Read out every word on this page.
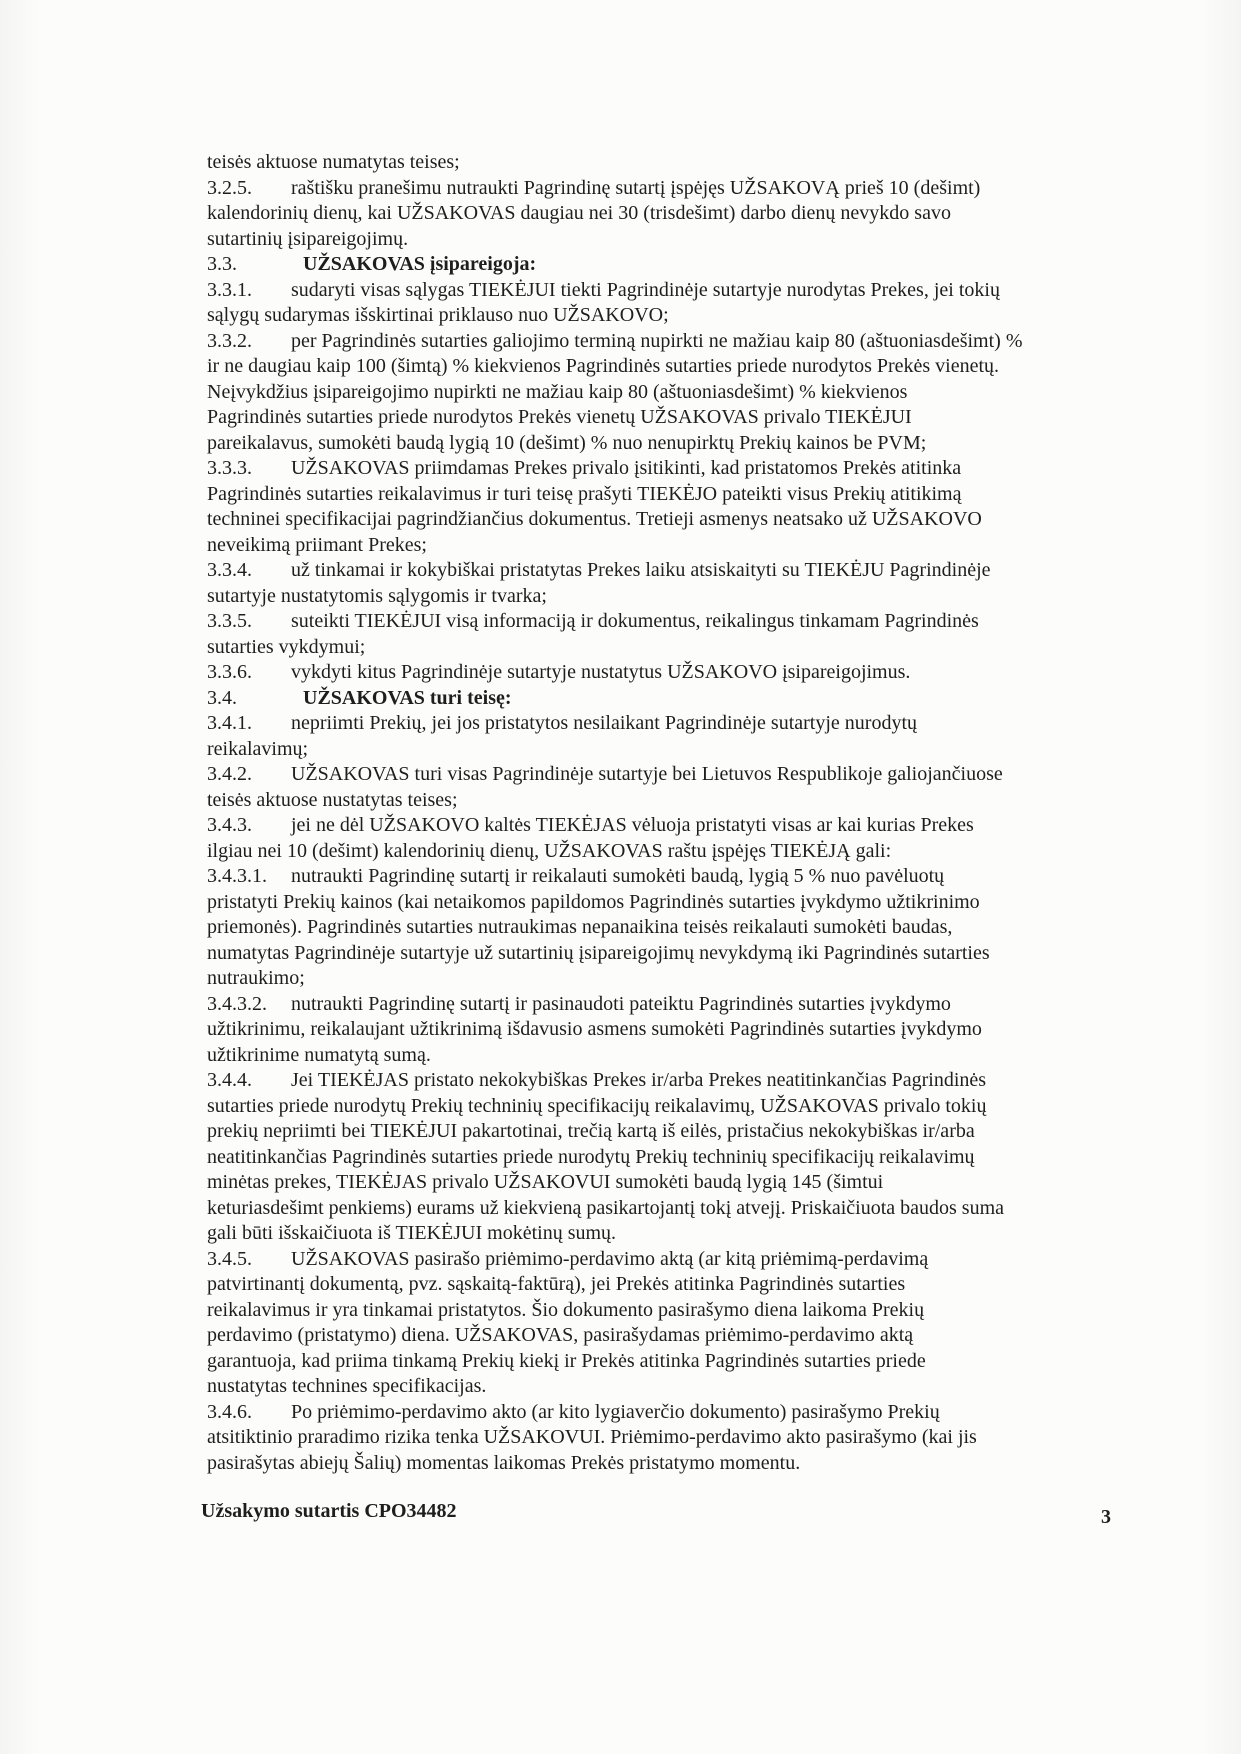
teisės aktuose numatytas teises;
3.2.5. raštišku pranešimu nutraukti Pagrindinę sutartį įspėjęs UŽSAKOVĄ prieš 10 (dešimt)
kalendorinių dienų, kai UŽSAKOVAS daugiau nei 30 (trisdešimt) darbo dienų nevykdo savo
sutartinių įsipareigojimų.
3.3.	UŽSAKOVAS įsipareigoja:
3.3.1. sudaryti visas sąlygas TIEKĖJUI tiekti Pagrindinėje sutartyje nurodytas Prekes, jei tokių
sąlygų sudarymas išskirtinai priklauso nuo UŽSAKOVO;
3.3.2. per Pagrindinės sutarties galiojimo terminą nupirkti ne mažiau kaip 80 (aštuoniasdešimt) %
ir ne daugiau kaip 100 (šimtą) % kiekvienos Pagrindinės sutarties priede nurodytos Prekės vienetų.
Neįvykdžius įsipareigojimo nupirkti ne mažiau kaip 80 (aštuoniasdešimt) % kiekvienos
Pagrindinės sutarties priede nurodytos Prekės vienetų UŽSAKOVAS privalo TIEKĖJUI
pareikalavus, sumokėti baudą lygią 10 (dešimt) % nuo nenupirktų Prekių kainos be PVM;
3.3.3. UŽSAKOVAS priimdamas Prekes privalo įsitikinti, kad pristatomos Prekės atitinka
Pagrindinės sutarties reikalavimus ir turi teisę prašyti TIEKĖJO pateikti visus Prekių atitikimą
techninei specifikacijai pagrindžiančius dokumentus. Tretieji asmenys neatsako už UŽSAKOVO
neveikimą priimant Prekes;
3.3.4. už tinkamai ir kokybiškai pristatytas Prekes laiku atsiskaityti su TIEKĖJU Pagrindinėje
sutartyje nustatytomis sąlygomis ir tvarka;
3.3.5. suteikti TIEKĖJUI visą informaciją ir dokumentus, reikalingus tinkamam Pagrindinės
sutarties vykdymui;
3.3.6. vykdyti kitus Pagrindinėje sutartyje nustatytus UŽSAKOVO įsipareigojimus.
3.4.	UŽSAKOVAS turi teisę:
3.4.1. nepriimti Prekių, jei jos pristatytos nesilaikant Pagrindinėje sutartyje nurodytų
reikalavimų;
3.4.2. UŽSAKOVAS turi visas Pagrindinėje sutartyje bei Lietuvos Respublikoje galiojančiuose
teisės aktuose nustatytas teises;
3.4.3. jei ne dėl UŽSAKOVO kaltės TIEKĖJAS vėluoja pristatyti visas ar kai kurias Prekes
ilgiau nei 10 (dešimt) kalendorinių dienų, UŽSAKOVAS raštu įspėjęs TIEKĖJĄ gali:
3.4.3.1. nutraukti Pagrindinę sutartį ir reikalauti sumokėti baudą, lygią 5 % nuo pavėluotų
pristatyti Prekių kainos (kai netaikomos papildomos Pagrindinės sutarties įvykdymo užtikrinimo
priemonės). Pagrindinės sutarties nutraukimas nepanaikina teisės reikalauti sumokėti baudas,
numatytas Pagrindinėje sutartyje už sutartinių įsipareigojimų nevykdymą iki Pagrindinės sutarties
nutraukimo;
3.4.3.2. nutraukti Pagrindinę sutartį ir pasinaudoti pateiktu Pagrindinės sutarties įvykdymo
užtikrinimu, reikalaujant užtikrinimą išdavusio asmens sumokėti Pagrindinės sutarties įvykdymo
užtikrinime numatytą sumą.
3.4.4. Jei TIEKĖJAS pristato nekokybiškas Prekes ir/arba Prekes neatitinkančias Pagrindinės
sutarties priede nurodytų Prekių techninių specifikacijų reikalavimų, UŽSAKOVAS privalo tokių
prekių nepriimti bei TIEKĖJUI pakartotinai, trečią kartą iš eilės, pristačius nekokybiškas ir/arba
neatitinkančias Pagrindinės sutarties priede nurodytų Prekių techninių specifikacijų reikalavimų
minėtas prekes, TIEKĖJAS privalo UŽSAKOVUI sumokėti baudą lygią 145 (šimtui
keturiasdešimt penkiems) eurams už kiekvieną pasikartojantį tokį atvejį. Priskaičiuota baudos suma
gali būti išskaičiuota iš TIEKĖJUI mokėtinų sumų.
3.4.5. UŽSAKOVAS pasirašo priėmimo-perdavimo aktą (ar kitą priėmimą-perdavimą
patvirtinantį dokumentą, pvz. sąskaitą-faktūrą), jei Prekės atitinka Pagrindinės sutarties
reikalavimus ir yra tinkamai pristatytos. Šio dokumento pasirašymo diena laikoma Prekių
perdavimo (pristatymo) diena. UŽSAKOVAS, pasirašydamas priėmimo-perdavimo aktą
garantuoja, kad priima tinkamą Prekių kiekį ir Prekės atitinka Pagrindinės sutarties priede
nustatytas technines specifikacijas.
3.4.6. Po priėmimo-perdavimo akto (ar kito lygiaverčio dokumento) pasirašymo Prekių
atsitiktinio praradimo rizika tenka UŽSAKOVUI. Priėmimo-perdavimo akto pasirašymo (kai jis
pasirašytas abiejų Šalių) momentas laikomas Prekės pristatymo momentu.
Užsakymo sutartis CPO34482	3
